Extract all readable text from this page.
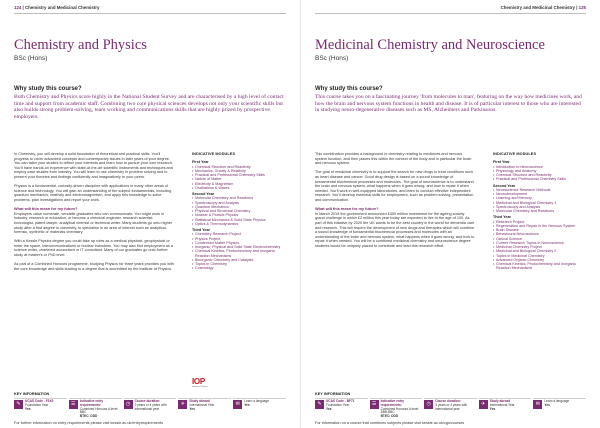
124 | Chemistry and Medicinal Chemistry
Chemistry and Physics
BSc (Hons)
Why study this course?

Both Chemistry and Physics score highly in the National Student Survey and are characterised by a high level of contact time and support from academic staff. Combining two core physical sciences develops not only your scientific skills but also builds strong problem-solving, team working and communications skills that are highly prized by prospective employers.

In Chemistry, you will develop a solid foundation of theoretical and practical skills. You'll progress to cover advanced concepts and contemporary issues in later years of your degree. You can tailor your studies to reflect your interests and learn how to pursue your own research. You'll have hands-on experience with state-of-the-art scientific instruments and techniques and employ case studies from industry. You will learn to use chemistry in problem solving and to present your theories and findings confidently and imaginatively to your peers.

Physics is a fundamental, curiosity-driven discipline with applications in many other areas of science and technology. You will gain an understanding of the subject fundamentals, including quantum mechanics, relativity and electromagnetism, and apply this knowledge to solve problems, plan investigations and report your work.

What will this mean for my future?

Employers value numerate, versatile graduates who can communicate. You might work in industry, research or education, or become a chemical engineer, research scientist, toxicologist, patent lawyer, analytical chemist or technical writer. Many students go onto higher study after a first degree in chemistry, to specialise in an area of interest such as analytical, forensic, synthetic or materials chemistry.

With a Kessle Physics degree you could take up roles as a medical physicist, geophysicist or enter the space, telecommunications or nuclear industries. You may also find employment as a science writer, chartered accountant or IT consultant. Many of our graduates go onto further study at master's or PhD level.

As part of a Combined Honours programme, studying Physics for three years provides you with the core knowledge and skills leading to a degree that is accredited by the Institute of Physics.

INDICATIVE MODULES
First Year
• Chemical Structure and Reactivity
• Mechanics, Gravity & Relativity
• Practical and Professional Chemistry Skills
• Nature of Matter
• Electricity & Magnetism
• Oscillations & Waves
Second Year
• Molecular Chemistry and Reactions
• Spectroscopy and Analysis
• Quantum Mechanics
• Physical and Structural Chemistry
• Nuclear & Particle Physics
• Statistical Mechanics & Solid State Physics
• Optics & Thermodynamics
Third Year
• Chemistry Research Project
• Physics Project
• Condensed Matter Physics
• Inorganic, Physical and Solid State Electrochemistry
• Chemical Kinetics, Photochemistry and Inorganic Reaction Mechanisms
• Bioorganic Chemistry and Catalysis
• Topics in Chemistry
• Cosmology
IOP
Institute of Physics
KEY INFORMATION
✎	UCAS Code - F3X0
Foundation Year
Yes
☰	Indicative entry requirements:
Combined Honours A level: BBC
BTEC: DDD
◷	Course duration:
3 years or 4 years with international year
✈	Study abroad
International Year
Yes
✉	Learn a language
Yes
For further information on entry requirements please visit kessle.ac.uk/entryrequirements
Chemistry and Medicinal Chemistry | 125
Medicinal Chemistry and Neuroscience
BSc (Hons)
Why study this course?

This course takes you on a fascinating journey 'from molecules to man', featuring on the way how medicines work, and how the brain and nervous system functions in health and disease. It is of particular interest to those who are interested in studying neuro-degenerative diseases such as MS, Alzheimers and Parkinsons.

This combination provides a background in chemistry relating to medicines and nervous system function, and then places this within the context of the body and in particular the brain and nervous system.

The goal of medicinal chemistry is to support the search for new drugs to treat conditions such as heart disease and cancer. Good drug design is based on a sound knowledge of fundamental biochemical processes and molecules. The goal of neuroscience is to understand the brain and nervous system, what happens when it goes wrong, and how to repair it when needed. You'll work in well-equipped laboratories, and learn to conduct effective independent research. You'll develop essential skills for employment, such as problem solving, presentation and communication.

What will this mean for my future?

In March 2019 the government announced £300 million investment for the ageing society grand challenge in which £2 million this year today are expected to live to the age of 100. As part of this initiative by 2020 the UK wants to be the best country in the world for dementia care and research. This will require the development of new drugs and therapies which will combine a sound knowledge of fundamental biochemical processes and molecules with an understanding of the brain and nervous system, what happens when it goes wrong, and how to repair it when needed. You will be a combined medicinal chemistry and neuroscience degree students would be uniquely placed to contribute and lead this research effort.

INDICATIVE MODULES
First Year
• Introduction to Neuroscience
• Physiology and Anatomy
• Chemical Structure and Reactivity
• Practical and Professional Chemistry Skills
Second Year
• Neuroscience Research Methods
• Neurodevelopment
• Learning and Memory
• Medicinal and Biological Chemistry 1
• Spectroscopy and Analysis
• Molecular Chemistry and Reactions
Third Year
• Research Project
• Regeneration and Repair in the Nervous System
• Brain Disease
• Behavioural Neuroscience
• Clinical Science
• Current Research Topics in Neuroscience
• Medicinal Chemistry Project
• Medicinal and Biological Chemistry 2
• Topics in Medicinal Chemistry
• Advanced Organic Chemistry
• Chemical Kinetics, Photochemistry and Inorganic Reaction Mechanisms
KEY INFORMATION
✎	UCAS Code - BF71
Foundation Year
Yes
☰	Indicative entry requirements:
Combined Honours A level: BBB-BBC
BTEC: DDD
◷	Course duration:
3 years or 4 years with international year
✈	Study abroad
International Year
Yes
✉	Learn a language
Yes
For information on a course that combines subjects please visit kessle.ac.uk/cgs/courses
